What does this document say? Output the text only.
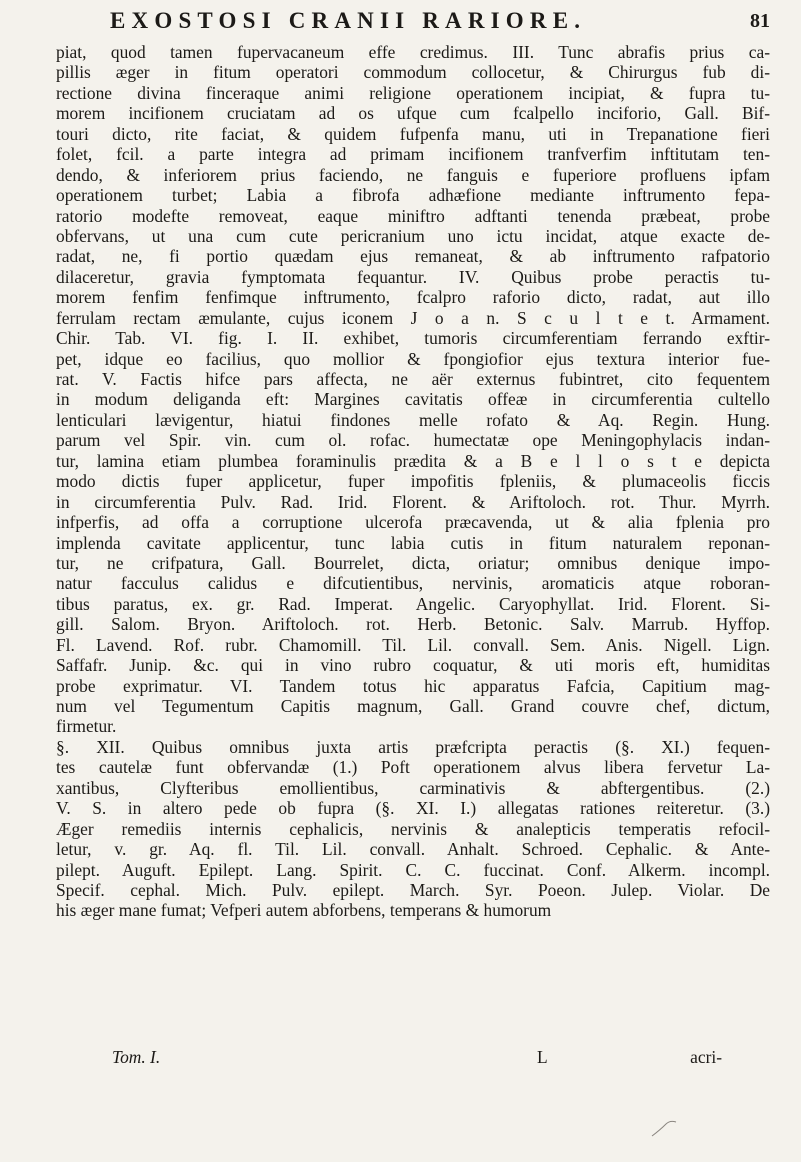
EXOSTOSI CRANII RARIORE.	81
piat, quod tamen fupervacaneum effe credimus. III. Tunc abrafis prius ca-
pillis æger in fitum operatori commodum collocetur, & Chirurgus fub di-
rectione divina finceraque animi religione operationem incipiat, & fupra tu-
morem incifionem cruciatam ad os ufque cum fcalpello inciforio, Gall. Bif-
touri dicto, rite faciat, & quidem fufpenfa manu, uti in Trepanatione fieri
folet, fcil. a parte integra ad primam incifionem tranfverfim inftitutam ten-
dendo, & inferiorem prius faciendo, ne fanguis e fuperiore profluens ipfam
operationem turbet; Labia a fibrofa adhæfione mediante inftrumento fepa-
ratorio modefte removeat, eaque miniftro adftanti tenenda præbeat, probe
obfervans, ut una cum cute pericranium uno ictu incidat, atque exacte de-
radat, ne, fi portio quædam ejus remaneat, & ab inftrumento rafpatorio
dilaceretur, gravia fymptomata fequantur. IV. Quibus probe peractis tu-
morem fenfim fenfimque inftrumento, fcalpro raforio dicto, radat, aut illo
ferrulam rectam æmulante, cujus iconem J o a n. S c u l t e t. Armament.
Chir. Tab. VI. fig. I. II. exhibet, tumoris circumferentiam ferrando exftir-
pet, idque eo facilius, quo mollior & fpongiofior ejus textura interior fue-
rat. V. Factis hifce pars affecta, ne aër externus fubintret, cito fequentem
in modum deliganda eft: Margines cavitatis offeæ in circumferentia cultello
lenticulari lævigentur, hiatui findones melle rofato & Aq. Regin. Hung.
parum vel Spir. vin. cum ol. rofac. humectatæ ope Meningophylacis indan-
tur, lamina etiam plumbea foraminulis prædita & a B e l l o s t e depicta
modo dictis fuper applicetur, fuper impofitis fpleniis, & plumaceolis ficcis
in circumferentia Pulv. Rad. Irid. Florent. & Ariftoloch. rot. Thur. Myrrh.
infperfis, ad offa a corruptione ulcerofa præcavenda, ut & alia fplenia pro
implenda cavitate applicentur, tunc labia cutis in fitum naturalem reponan-
tur, ne crifpatura, Gall. Bourrelet, dicta, oriatur; omnibus denique impo-
natur facculus calidus e difcutientibus, nervinis, aromaticis atque roboran-
tibus paratus, ex. gr. Rad. Imperat. Angelic. Caryophyllat. Irid. Florent. Si-
gill. Salom. Bryon. Ariftoloch. rot. Herb. Betonic. Salv. Marrub. Hyffop.
Fl. Lavend. Rof. rubr. Chamomill. Til. Lil. convall. Sem. Anis. Nigell. Lign.
Saffafr. Junip. &c. qui in vino rubro coquatur, & uti moris eft, humiditas
probe exprimatur. VI. Tandem totus hic apparatus Fafcia, Capitium mag-
num vel Tegumentum Capitis magnum, Gall. Grand couvre chef, dictum,
firmetur.
§. XII. Quibus omnibus juxta artis præfcripta peractis (§. XI.) fequen-
tes cautelæ funt obfervandæ (1.) Poft operationem alvus libera fervetur La-
xantibus, Clyfteribus emollientibus, carminativis & abftergentibus. (2.)
V. S. in altero pede ob fupra (§. XI. I.) allegatas rationes reiteretur. (3.)
Æger remediis internis cephalicis, nervinis & analepticis temperatis refocil-
letur, v. gr. Aq. fl. Til. Lil. convall. Anhalt. Schroed. Cephalic. & Ante-
pilept. Auguft. Epilept. Lang. Spirit. C. C. fuccinat. Conf. Alkerm. incompl.
Specif. cephal. Mich. Pulv. epilept. March. Syr. Poeon. Julep. Violar. De
his æger mane fumat; Vefperi autem abforbens, temperans & humorum
Tom. I.	L	acri-
